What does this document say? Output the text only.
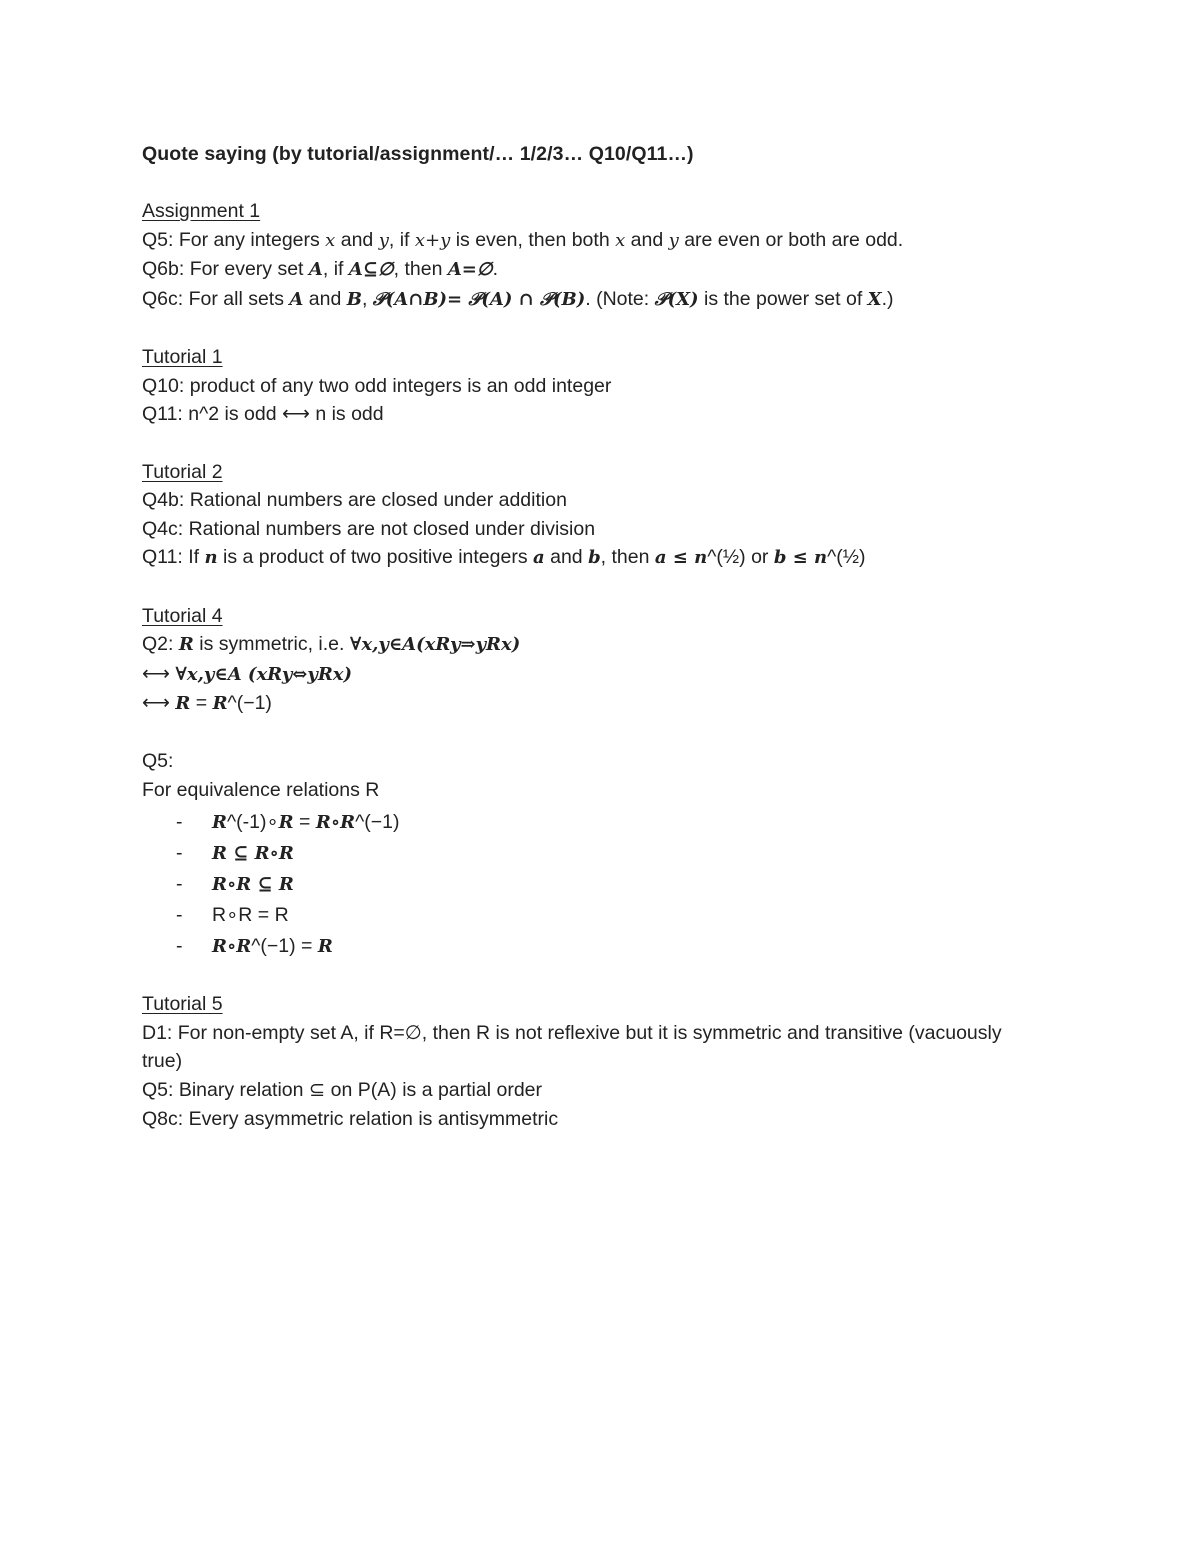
Quote saying (by tutorial/assignment/… 1/2/3… Q10/Q11…)
Assignment 1
Q5: For any integers x and y, if x+y is even, then both x and y are even or both are odd.
Q6b: For every set A, if A⊆∅, then A=∅.
Q6c: For all sets A and B, 𝒫(A∩B)= 𝒫(A) ∩ 𝒫(B). (Note: 𝒫(X) is the power set of X.)
Tutorial 1
Q10: product of any two odd integers is an odd integer
Q11: n^2 is odd ⟷ n is odd
Tutorial 2
Q4b: Rational numbers are closed under addition
Q4c: Rational numbers are not closed under division
Q11: If n is a product of two positive integers a and b, then a ≤ n^(½) or b ≤ n^(½)
Tutorial 4
Q2: R is symmetric, i.e. ∀x,y∈A(xRy⇒yRx)
⟷ ∀x,y∈A (xRy⇔yRx)
⟷ R = R^(−1)
Q5:
For equivalence relations R
- R^(-1)∘R = R∘R^(−1)
- R ⊆ R∘R
- R∘R ⊆ R
- R∘R = R
- R∘R^(−1) = R
Tutorial 5
D1: For non-empty set A, if R=∅, then R is not reflexive but it is symmetric and transitive (vacuously true)
Q5: Binary relation ⊆ on P(A) is a partial order
Q8c: Every asymmetric relation is antisymmetric
